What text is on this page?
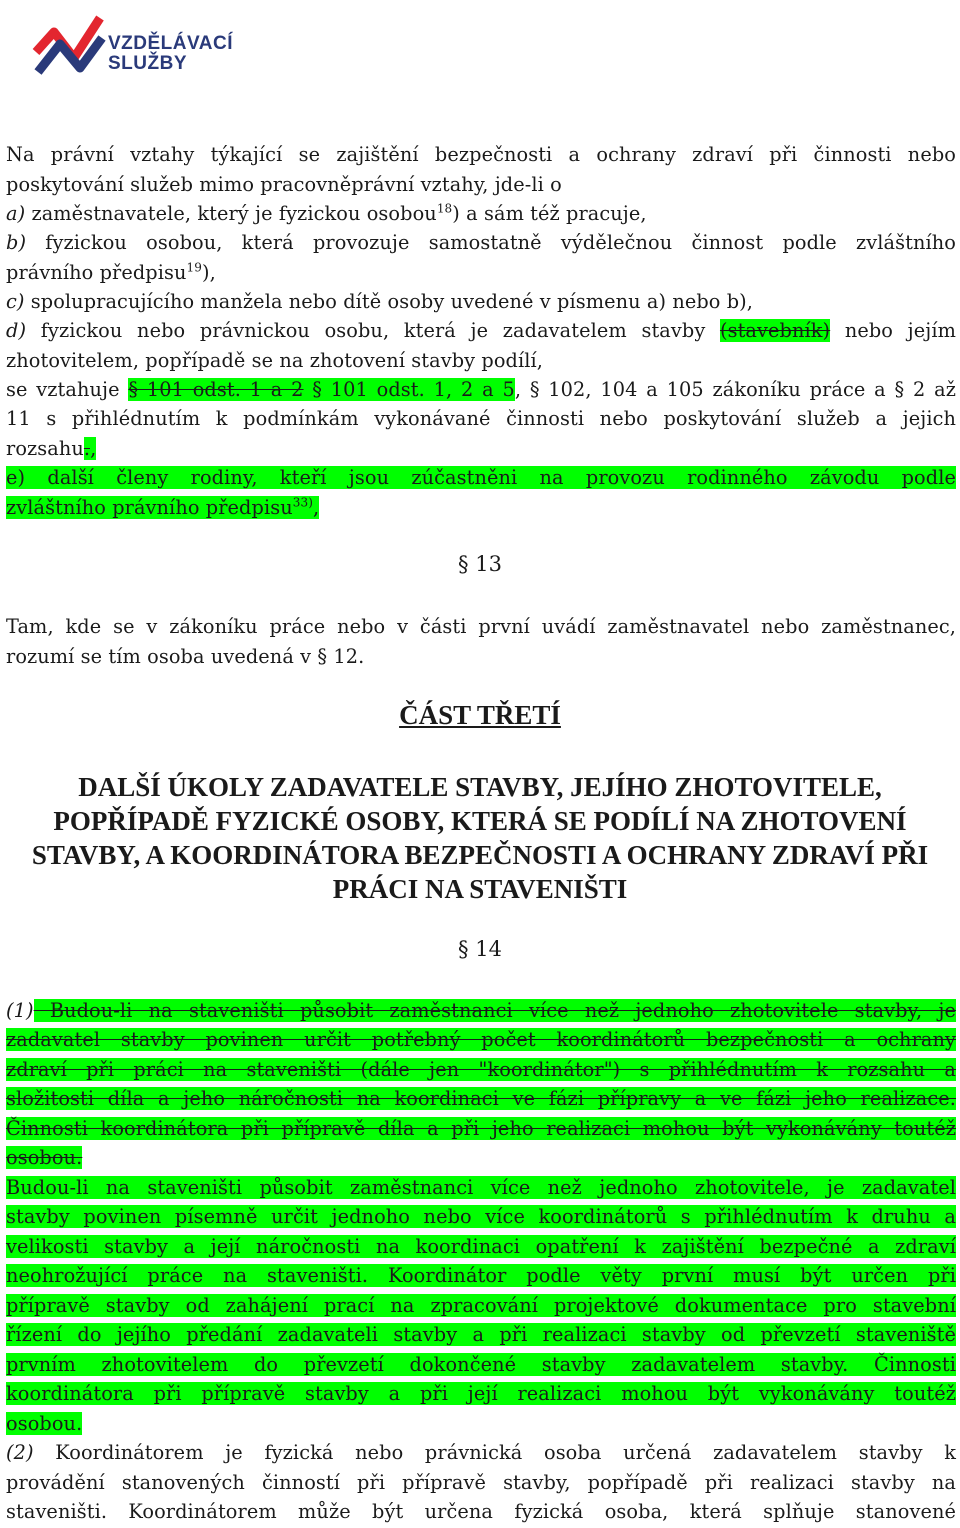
VZDĚLÁVACÍ
SLUŽBY
Na právní vztahy týkající se zajištění bezpečnosti a ochrany zdraví při činnosti nebo
poskytování služeb mimo pracovněprávní vztahy, jde-li o
a) zaměstnavatele, který je fyzickou osobou$^{18}$) a sám též pracuje,
b) fyzickou osobou, která provozuje samostatně výdělečnou činnost podle zvláštního
právního předpisu$^{19}$),
c) spolupracujícího manžela nebo dítě osoby uvedené v písmenu a) nebo b),
d) fyzickou nebo právnickou osobu, která je zadavatelem stavby (stavebník) nebo jejím
zhotovitelem, popřípadě se na zhotovení stavby podílí,
se vztahuje § 101 odst. 1 a 2 § 101 odst. 1, 2 a 5, § 102, 104 a 105 zákoníku práce a § 2 až
11 s přihlédnutím k podmínkám vykonávané činnosti nebo poskytování služeb a jejich
rozsahu.,
e) další členy rodiny, kteří jsou zúčastněni na provozu rodinného závodu podle
zvláštního právního předpisu$^{33)}$,
§ 13
Tam, kde se v zákoníku práce nebo v části první uvádí zaměstnavatel nebo zaměstnanec,
rozumí se tím osoba uvedená v § 12.
ČÁST TŘETÍ
DALŠÍ ÚKOLY ZADAVATELE STAVBY, JEJÍHO ZHOTOVITELE,
POPŘÍPADĚ FYZICKÉ OSOBY, KTERÁ SE PODÍLÍ NA ZHOTOVENÍ
STAVBY, A KOORDINÁTORA BEZPEČNOSTI A OCHRANY ZDRAVÍ PŘI
PRÁCI NA STAVENIŠTI
§ 14
(1) Budou-li na staveništi působit zaměstnanci více než jednoho zhotovitele stavby, je
zadavatel stavby povinen určit potřebný počet koordinátorů bezpečnosti a ochrany
zdraví při práci na staveništi (dále jen "koordinátor") s přihlédnutím k rozsahu a
složitosti díla a jeho náročnosti na koordinaci ve fázi přípravy a ve fázi jeho realizace.
Činnosti koordinátora při přípravě díla a při jeho realizaci mohou být vykonávány toutéž
osobou.
Budou-li na staveništi působit zaměstnanci více než jednoho zhotovitele, je zadavatel
stavby povinen písemně určit jednoho nebo více koordinátorů s přihlédnutím k druhu a
velikosti stavby a její náročnosti na koordinaci opatření k zajištění bezpečné a zdraví
neohrožující práce na staveništi. Koordinátor podle věty první musí být určen při
přípravě stavby od zahájení prací na zpracování projektové dokumentace pro stavební
řízení do jejího předání zadavateli stavby a při realizaci stavby od převzetí staveniště
prvním zhotovitelem do převzetí dokončené stavby zadavatelem stavby. Činnosti
koordinátora při přípravě stavby a při její realizaci mohou být vykonávány toutéž
osobou.
(2) Koordinátorem je fyzická nebo právnická osoba určená zadavatelem stavby k
provádění stanovených činností při přípravě stavby, popřípadě při realizaci stavby na
staveništi. Koordinátorem může být určena fyzická osoba, která splňuje stanovené
